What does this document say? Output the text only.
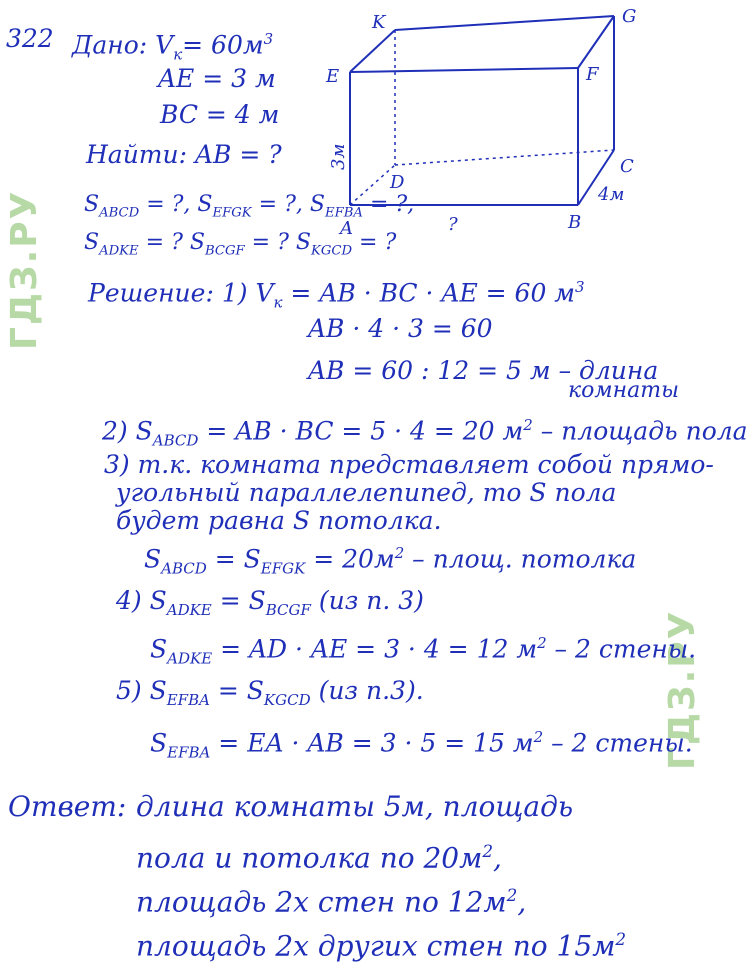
ГДЗ.РУ
ГДЗ.РУ
322 Дано: $V_к= 60м^3$
AE = 3 м
BC = 4 м
Найти: AB = ?
$S_{ABCD}$ = ?, $S_{EFGK}$ = ?, $S_{EFBA}$ = ?,
$S_{ADKE}$ = ? $S_{BCGF}$ = ? $S_{KGCD}$ = ?
K	G
E	F
C
D
A	B
3м
4м
?
Решение: 1) $V_к$ = AB · BC · AE = 60 $м^3$
AB · 4 · 3 = 60
AB = 60 : 12 = 5 м – длина
комнаты
2) $S_{ABCD}$ = AB · BC = 5 · 4 = 20 $м^2$ – площадь пола
3) т.к. комната представляет собой прямо-
угольный параллелепипед, то S пола
будет равна S потолка.
$S_{ABCD} = S_{EFGK} = 20м^2$ – площ. потолка
4) $S_{ADKE} = S_{BCGF}$ (из п. 3)
$S_{ADKE}$ = AD · AE = 3 · 4 = 12 $м^2 - 2$ стены.
5) $S_{EFBA} = S_{KGCD}$ (из п.3).
$S_{EFBA}$ = EA · AB = 3 · 5 = 15 $м^2 - 2$ стены.
Ответ: длина комнаты 5м, площадь
пола и потолка по $20м^2$,
площадь 2х стен по $12м^2$,
площадь 2х других стен по $15м^2$
